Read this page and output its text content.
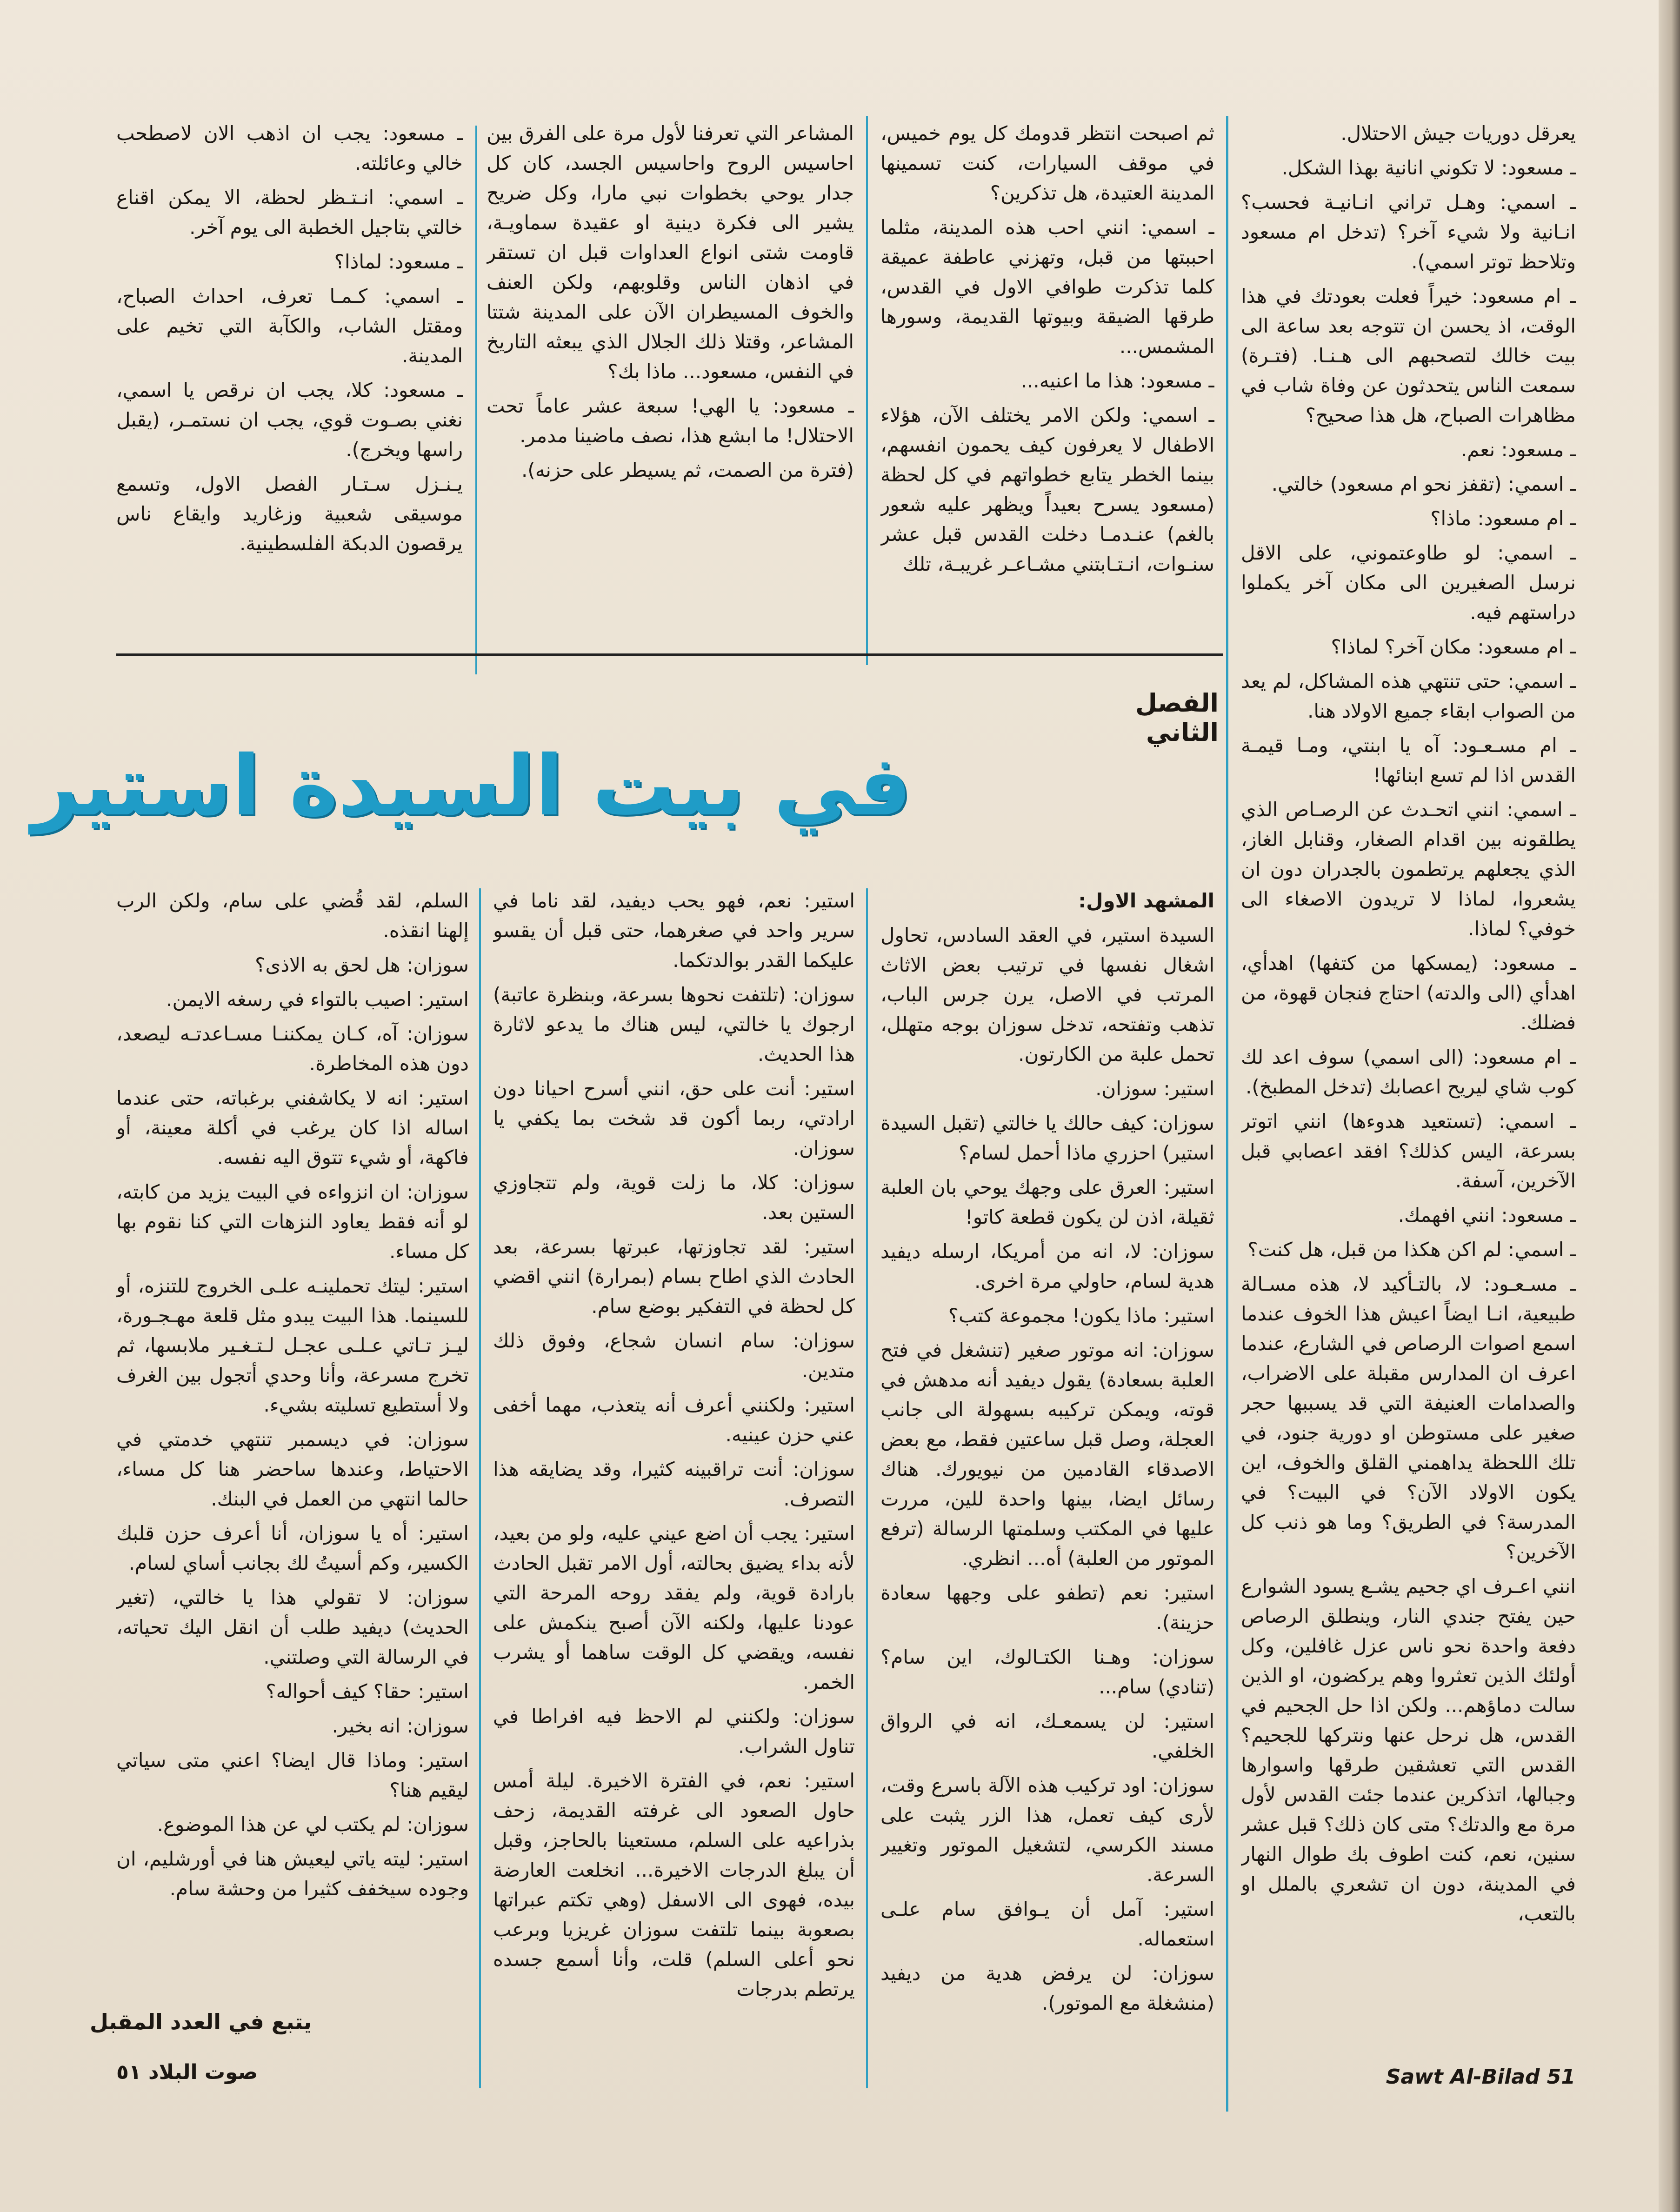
يعرقل دوريات جيش الاحتلال.

ـ مسعود: لا تكوني انانية بهذا الشكل.

ـ اسمي: وهـل تراني انـانيـة فحسب؟ انـانية ولا شيء آخر؟ (تدخل ام مسعود وتلاحظ توتر اسمي).

ـ ام مسعود: خيراً فعلت بعودتك في هذا الوقت، اذ يحسن ان تتوجه بعد ساعة الى بيت خالك لتصحبهم الى هـنـا. (فتـرة) سمعت الناس يتحدثون عن وفاة شاب في مظاهرات الصباح، هل هذا صحيح؟

ـ مسعود: نعم.

ـ اسمي: (تقفز نحو ام مسعود) خالتي.

ـ ام مسعود: ماذا؟

ـ اسمي: لو طاوعتموني، على الاقل نرسل الصغيرين الى مكان آخر يكملوا دراستهم فيه.

ـ ام مسعود: مكان آخر؟ لماذا؟

ـ اسمي: حتى تنتهي هذه المشاكل، لم يعد من الصواب ابقاء جميع الاولاد هنا.

ـ ام مسـعـود: آه يا ابنتي، ومـا قيمـة القدس اذا لم تسع ابنائها!

ـ اسمي: انني اتحـدث عن الرصـاص الذي يطلقونه بين اقدام الصغار، وقنابل الغاز، الذي يجعلهم يرتطمون بالجدران دون ان يشعروا، لماذا لا تريدون الاصغاء الى خوفي؟ لماذا.

ـ مسعود: (يمسكها من كتفها) اهدأي، اهدأي (الى والدته) احتاج فنجان قهوة، من فضلك.

ـ ام مسعود: (الى اسمي) سوف اعد لك كوب شاي ليريح اعصابك (تدخل المطبخ).

ـ اسمي: (تستعيد هدوءها) انني اتوتر بسرعة، اليس كذلك؟ افقد اعصابي قبل الآخرين، آسفة.

ـ مسعود: انني افهمك.

ـ اسمي: لم اكن هكذا من قبل، هل كنت؟

ـ مسـعـود: لا، بالتـأكيد لا، هذه مسـالة طبيعية، انـا ايضاً اعيش هذا الخوف عندما اسمع اصوات الرصاص في الشارع، عندما اعرف ان المدارس مقبلة على الاضراب، والصدامات العنيفة التي قد يسببها حجر صغير على مستوطن او دورية جنود، في تلك اللحظة يداهمني القلق والخوف، اين يكون الاولاد الآن؟ في البيت؟ في المدرسة؟ في الطريق؟ وما هو ذنب كل الآخرين؟

انني اعـرف اي جحيم يشـع يسود الشوارع حين يفتح جندي النار، وينطلق الرصاص دفعة واحدة نحو ناس عزل غافلين، وكل أولئك الذين تعثروا وهم يركضون، او الذين سالت دماؤهم... ولكن اذا حل الجحيم في القدس، هل نرحل عنها ونتركها للجحيم؟ القدس التي تعشقين طرقها واسوارها وجبالها، اتذكرين عندما جئت القدس لأول مرة مع والدتك؟ متى كان ذلك؟ قبل عشر سنين، نعم، كنت اطوف بك طوال النهار في المدينة، دون ان تشعري بالملل او بالتعب،

ثم اصبحت انتظر قدومك كل يوم خميس، في موقف السيارات، كنت تسمينها المدينة العتيدة، هل تذكرين؟

ـ اسمي: انني احب هذه المدينة، مثلما احببتها من قبل، وتهزني عاطفة عميقة كلما تذكرت طوافي الاول في القدس، طرقها الضيقة وبيوتها القديمة، وسورها المشمس...

ـ مسعود: هذا ما اعنيه...

ـ اسمي: ولكن الامر يختلف الآن، هؤلاء الاطفال لا يعرفون كيف يحمون انفسهم، بينما الخطر يتابع خطواتهم في كل لحظة (مسعود يسرح بعيداً ويظهر عليه شعور بالغم) عنـدمـا دخلت القدس قبل عشر سنـوات، انـتـابتني مشـاعـر غريبـة، تلك

المشاعر التي تعرفنا لأول مرة على الفرق بين احاسيس الروح واحاسيس الجسد، كان كل جدار يوحي بخطوات نبي مارا، وكل ضريح يشير الى فكرة دينية او عقيدة سماويـة، قاومت شتى انواع العداوات قبل ان تستقر في اذهان الناس وقلوبهم، ولكن العنف والخوف المسيطران الآن على المدينة شتتا المشاعر، وقتلا ذلك الجلال الذي يبعثه التاريخ في النفس، مسعود... ماذا بك؟

ـ مسعود: يا الهي! سبعة عشر عاماً تحت الاحتلال! ما ابشع هذا، نصف ماضينا مدمر.

(فترة من الصمت، ثم يسيطر على حزنه).

ـ مسعود: يجب ان اذهب الان لاصطحب خالي وعائلته.

ـ اسمي: انـتـظر لحظة، الا يمكن اقناع خالتي بتاجيل الخطبة الى يوم آخر.

ـ مسعود: لماذا؟

ـ اسمي: كـمـا تعرف، احداث الصباح، ومقتل الشاب، والكآبة التي تخيم على المدينة.

ـ مسعود: كلا، يجب ان نرقص يا اسمي، نغني بصـوت قوي، يجب ان نستمـر، (يقبل راسها ويخرج).

يـنـزل سـتـار الفصل الاول، وتسمع موسيقى شعبية وزغاريد وايقاع ناس يرقصون الدبكة الفلسطينية.

الفصل الثاني
في بيت السيدة استير

المشهد الاول:

السيدة استير، في العقد السادس، تحاول اشغال نفسها في ترتيب بعض الاثاث المرتب في الاصل، يرن جرس الباب، تذهب وتفتحه، تدخل سوزان بوجه متهلل، تحمل علبة من الكارتون.

استير: سوزان.

سوزان: كيف حالك يا خالتي (تقبل السيدة استير) احزري ماذا أحمل لسام؟

استير: العرق على وجهك يوحي بان العلبة ثقيلة، اذن لن يكون قطعة كاتو!

سوزان: لا، انه من أمريكا، ارسله ديفيد هدية لسام، حاولي مرة اخرى.

استير: ماذا يكون! مجموعة كتب؟

سوزان: انه موتور صغير (تنشغل في فتح العلبة بسعادة) يقول ديفيد أنه مدهش في قوته، ويمكن تركيبه بسهولة الى جانب العجلة، وصل قبل ساعتين فقط، مع بعض الاصدقاء القادمين من نيويورك. هناك رسائل ايضا، بينها واحدة للين، مررت عليها في المكتب وسلمتها الرسالة (ترفع الموتور من العلبة) أه... انظري.

استير: نعم (تطفو على وجهها سعادة حزينة).

سوزان: وهـنا الكتـالوك، اين سام؟ (تنادي) سام...

استير: لن يسمعـك، انه في الرواق الخلفي.

سوزان: اود تركيب هذه الآلة باسرع وقت، لأرى كيف تعمل، هذا الزر يثبت على مسند الكرسي، لتشغيل الموتور وتغيير السرعة.

استير: آمل أن يـوافق سام علـى استعماله.

سوزان: لن يرفض هدية من ديفيد (منشغلة مع الموتور).

استير: نعم، فهو يحب ديفيد، لقد ناما في سرير واحد في صغرهما، حتى قبل أن يقسو عليكما القدر بوالدتكما.

سوزان: (تلتفت نحوها بسرعة، وبنظرة عاتبة) ارجوك يا خالتي، ليس هناك ما يدعو لاثارة هذا الحديث.

استير: أنت على حق، انني أسرح احيانا دون ارادتي، ربما أكون قد شخت بما يكفي يا سوزان.

سوزان: كلا، ما زلت قوية، ولم تتجاوزي الستين بعد.

استير: لقد تجاوزتها، عبرتها بسرعة، بعد الحادث الذي اطاح بسام (بمرارة) انني اقضي كل لحظة في التفكير بوضع سام.

سوزان: سام انسان شجاع، وفوق ذلك متدين.

استير: ولكنني أعرف أنه يتعذب، مهما أخفى عني حزن عينيه.

سوزان: أنت تراقبينه كثيرا، وقد يضايقه هذا التصرف.

استير: يجب أن اضع عيني عليه، ولو من بعيد، لأنه بداء يضيق بحالته، أول الامر تقبل الحادث بارادة قوية، ولم يفقد روحه المرحة التي عودنا عليها، ولكنه الآن أصبح ينكمش على نفسه، ويقضي كل الوقت ساهما أو يشرب الخمر.

سوزان: ولكنني لم الاحظ فيه افراطا في تناول الشراب.

استير: نعم، في الفترة الاخيرة. ليلة أمس حاول الصعود الى غرفته القديمة، زحف بذراعيه على السلم، مستعينا بالحاجز، وقبل أن يبلغ الدرجات الاخيرة... انخلعت العارضة بيده، فهوى الى الاسفل (وهي تكتم عبراتها بصعوبة بينما تلتفت سوزان غريزيا وبرعب نحو أعلى السلم) قلت، وأنا أسمع جسده يرتطم بدرجات

السلم، لقد قُضي على سام، ولكن الرب إلهنا انقذه.

سوزان: هل لحق به الاذى؟

استير: اصيب بالتواء في رسغه الايمن.

سوزان: آه، كـان يمكننـا مسـاعدتـه ليصعد، دون هذه المخاطرة.

استير: انه لا يكاشفني برغباته، حتى عندما اساله اذا كان يرغب في أكلة معينة، أو فاكهة، أو شيء تتوق اليه نفسه.

سوزان: ان انزواءه في البيت يزيد من كابته، لو أنه فقط يعاود النزهات التي كنا نقوم بها كل مساء.

استير: ليتك تحملينـه علـى الخروج للتنزه، أو للسينما. هذا البيت يبدو مثل قلعة مهـجـورة، ليـز تـاتي عـلـى عجـل لـتـغـير ملابسها، ثم تخرج مسرعة، وأنا وحدي أتجول بين الغرف ولا أستطيع تسليته بشيء.

سوزان: في ديسمبر تنتهي خدمتي في الاحتياط، وعندها ساحضر هنا كل مساء، حالما انتهي من العمل في البنك.

استير: أه يا سوزان، أنا أعرف حزن قلبك الكسير، وكم أسيتُ لك بجانب أساي لسام.

سوزان: لا تقولي هذا يا خالتي، (تغير الحديث) ديفيد طلب أن انقل اليك تحياته، في الرسالة التي وصلتني.

استير: حقا؟ كيف أحواله؟

سوزان: انه بخير.

استير: وماذا قال ايضا؟ اعني متى سياتي ليقيم هنا؟

سوزان: لم يكتب لي عن هذا الموضوع.

استير: ليته ياتي ليعيش هنا في أورشليم، ان وجوده سيخفف كثيرا من وحشة سام.

يتبع في العدد المقبل
صوت البلاد ٥١	Sawt Al-Bilad 51
